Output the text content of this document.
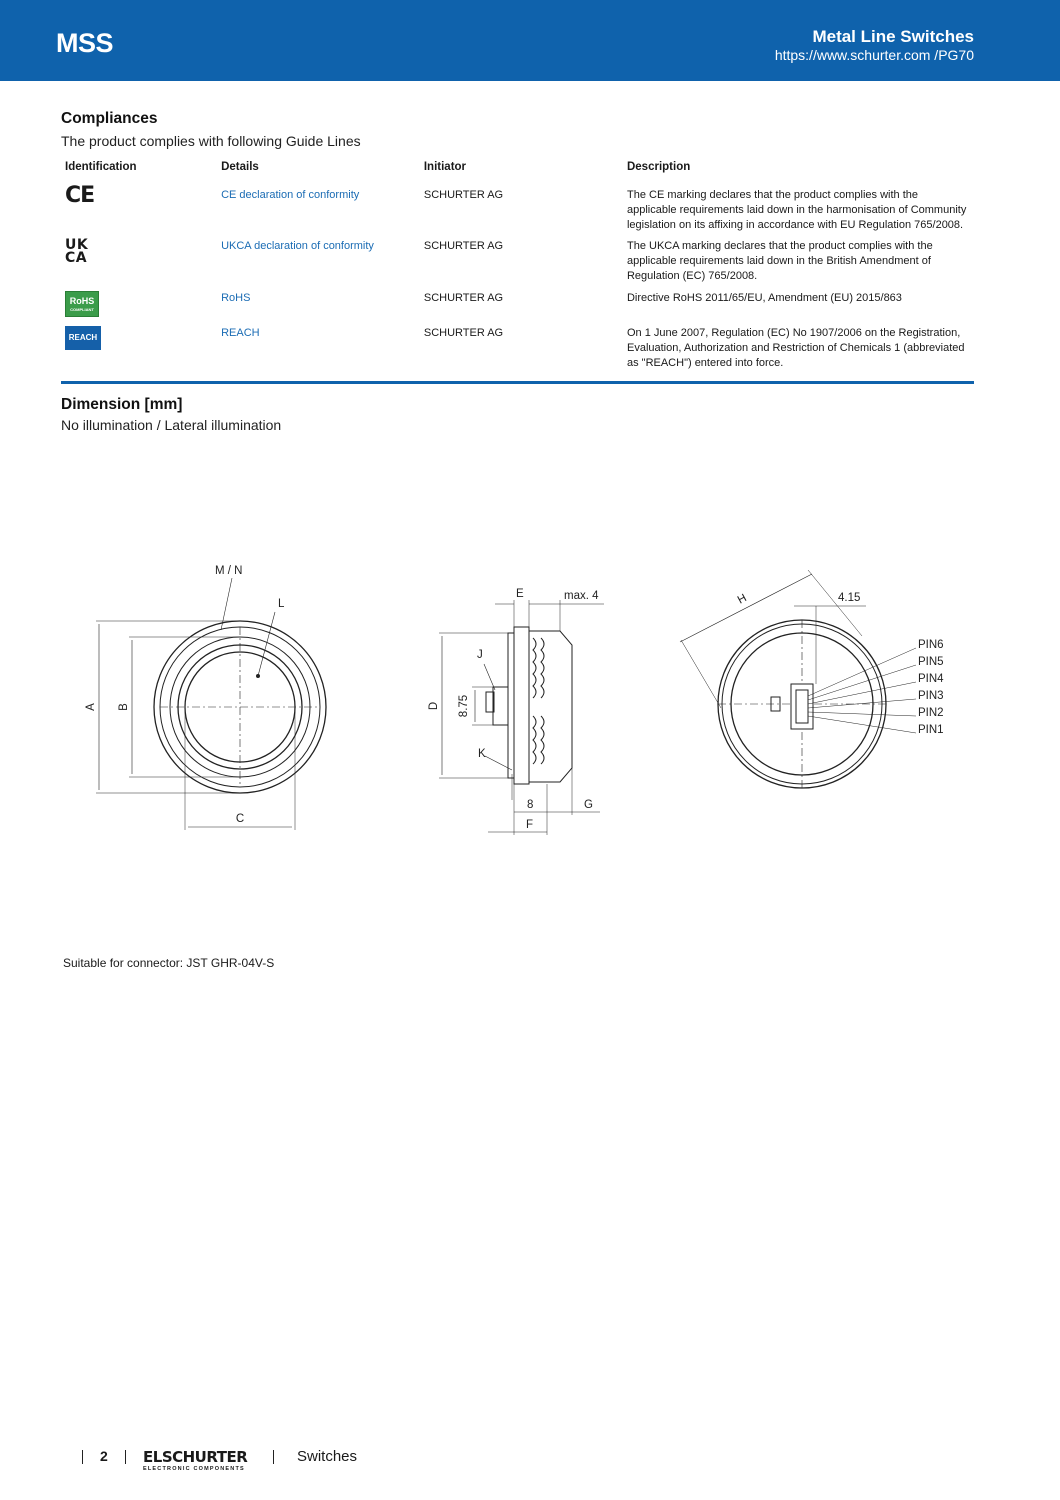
MSS	Metal Line Switches
https://www.schurter.com /PG70
Compliances
The product complies with following Guide Lines
Identification	Details	Initiator	Description
CE	CE declaration of conformity	SCHURTER AG	The CE marking declares that the product complies with the applicable requirements laid down in the harmonisation of Community legislation on its affixing in accordance with EU Regulation 765/2008.

UK
CA	UKCA declaration of conformity	SCHURTER AG	The UKCA marking declares that the product complies with the applicable requirements laid down in the British Amendment of Regulation (EC) 765/2008.

RoHS
COMPLIANT	RoHS	SCHURTER AG	Directive RoHS 2011/65/EU, Amendment (EU) 2015/863
REACH	REACH	SCHURTER AG	On 1 June 2007, Regulation (EC) No 1907/2006 on the Registration, Evaluation, Authorization and Restriction of Chemicals 1 (abbreviated as "REACH") entered into force.
Dimension [mm]
No illumination / Lateral illumination
M / N
L
A B
C
E	max. 4
J
D 8.75
K
8	G
F
H	4.15
PIN6
PIN5
PIN4
PIN3
PIN2
PIN1
Suitable for connector: JST GHR-04V-S
2 ELSCHURTER
ELECTRONIC COMPONENTS
Switches
